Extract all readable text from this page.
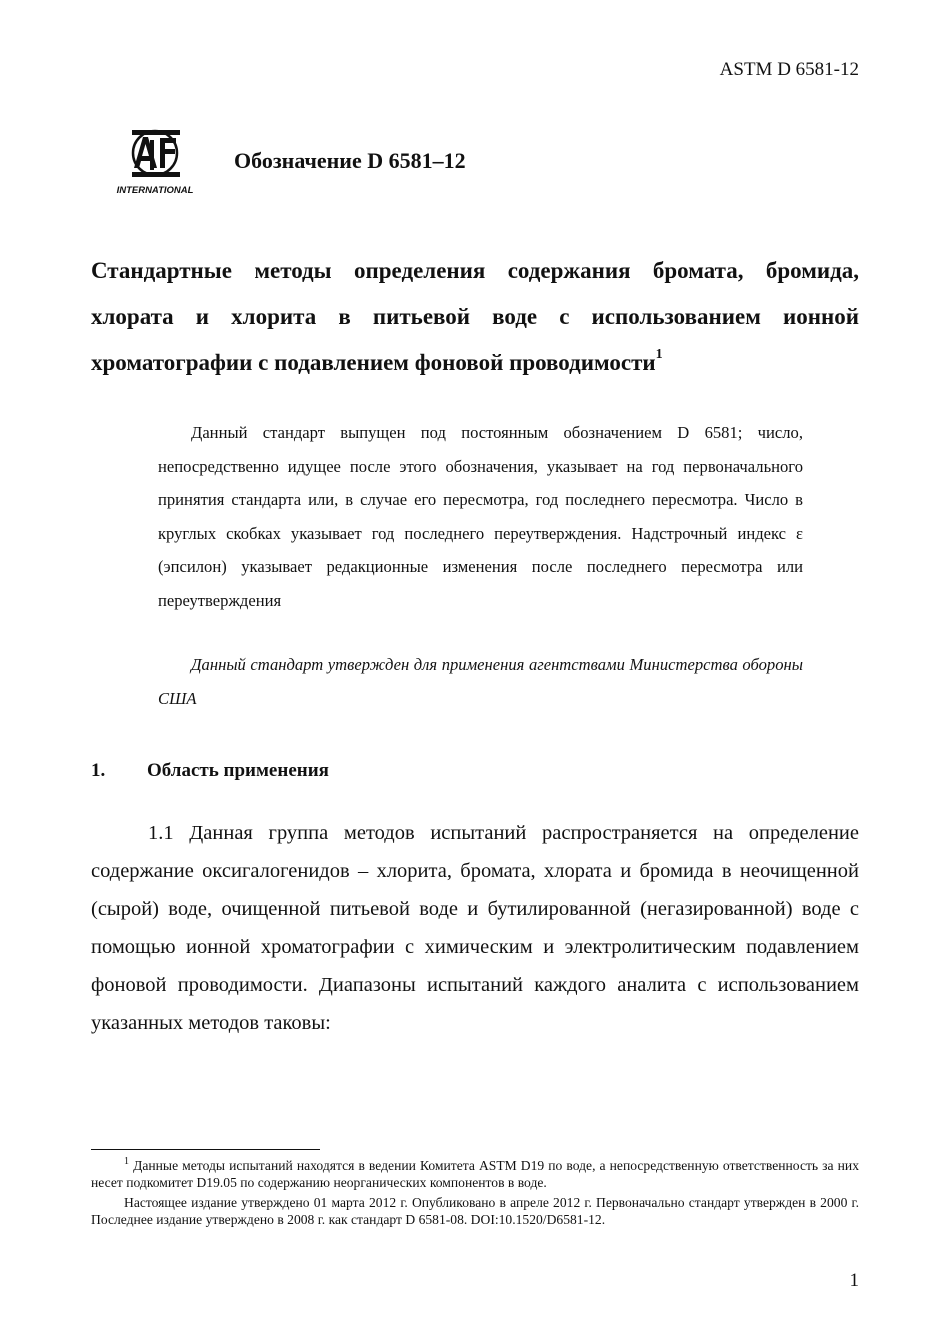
ASTM D 6581-12
INTERNATIONAL
Обозначение D 6581–12
Стандартные методы определения содержания бромата, бромида, хлората и хлорита в питьевой воде с использованием ионной хроматографии с подавлением фоновой проводимости$^1$
Данный стандарт выпущен под постоянным обозначением D 6581; число, непосредственно идущее после этого обозначения, указывает на год первоначального принятия стандарта или, в случае его пересмотра, год последнего пересмотра. Число в круглых скобках указывает год последнего переутверждения. Надстрочный индекс ε (эпсилон) указывает редакционные изменения после последнего пересмотра или переутверждения
Данный стандарт утвержден для применения агентствами Министерства обороны США
1. Область применения
1.1 Данная группа методов испытаний распространяется на определение содержание оксигалогенидов – хлорита, бромата, хлората и бромида в неочищенной (сырой) воде, очищенной питьевой воде и бутилированной (негазированной) воде с помощью ионной хроматографии с химическим и электролитическим подавлением фоновой проводимости. Диапазоны испытаний каждого аналита с использованием указанных методов таковы:
$^1$ Данные методы испытаний находятся в ведении Комитета ASTM D19 по воде, а непосредственную ответственность за них несет подкомитет D19.05 по содержанию неорганических компонентов в воде.
Настоящее издание утверждено 01 марта 2012 г. Опубликовано в апреле 2012 г. Первоначально стандарт утвержден в 2000 г. Последнее издание утверждено в 2008 г. как стандарт D 6581-08. DOI:10.1520/D6581-12.
1
